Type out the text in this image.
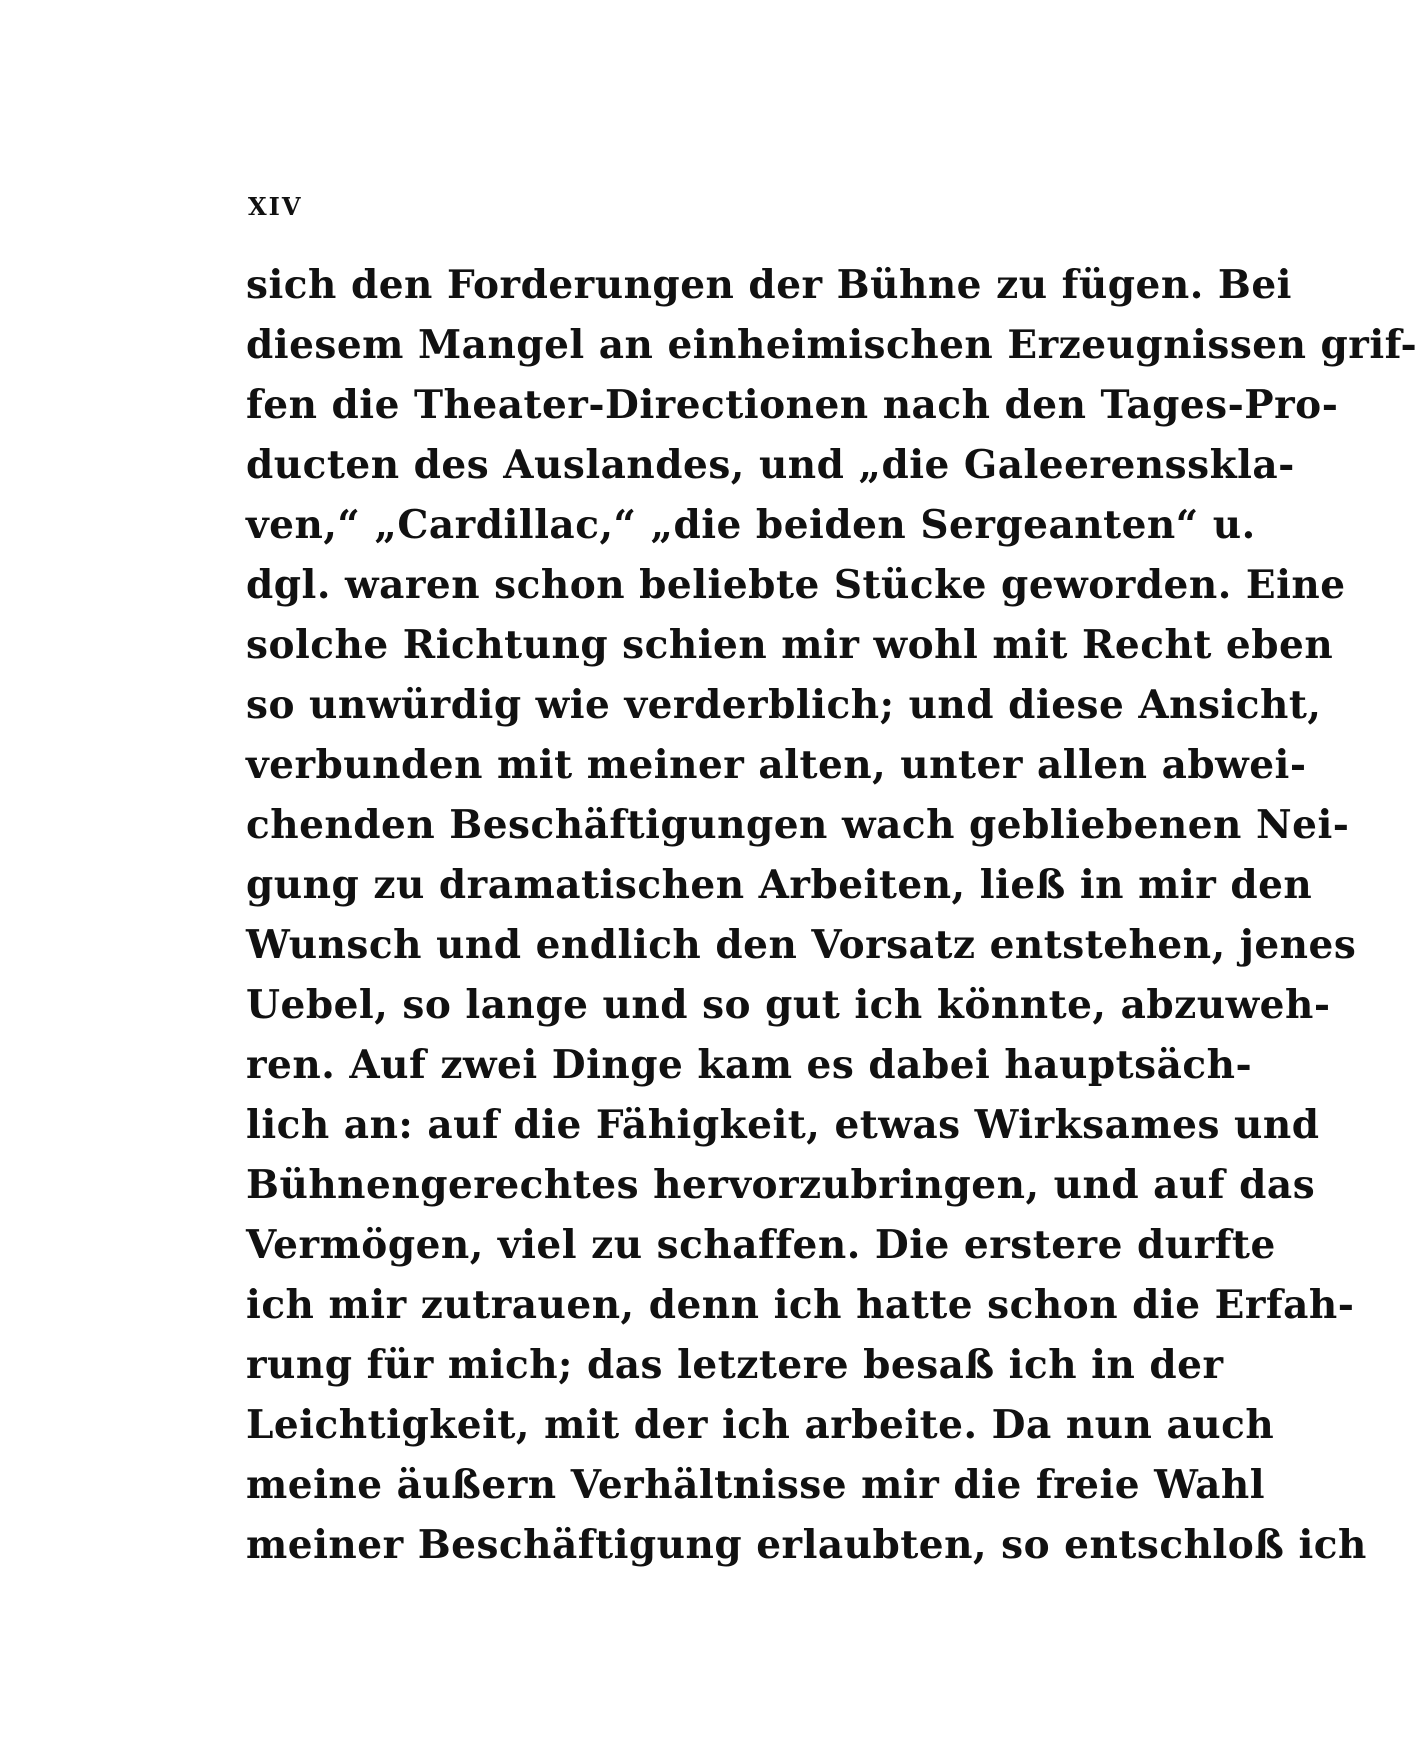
XIV
sich den Forderungen der Bühne zu fügen. Bei
diesem Mangel an einheimischen Erzeugnissen grif-
fen die Theater-Directionen nach den Tages-Pro-
ducten des Auslandes, und „die Galeerensskla-
ven,“ „Cardillac,“ „die beiden Sergeanten“ u.
dgl. waren schon beliebte Stücke geworden. Eine
solche Richtung schien mir wohl mit Recht eben
so unwürdig wie verderblich; und diese Ansicht,
verbunden mit meiner alten, unter allen abwei-
chenden Beschäftigungen wach gebliebenen Nei-
gung zu dramatischen Arbeiten, ließ in mir den
Wunsch und endlich den Vorsatz entstehen, jenes
Uebel, so lange und so gut ich könnte, abzuweh-
ren. Auf zwei Dinge kam es dabei hauptsäch-
lich an: auf die Fähigkeit, etwas Wirksames und
Bühnengerechtes hervorzubringen, und auf das
Vermögen, viel zu schaffen. Die erstere durfte
ich mir zutrauen, denn ich hatte schon die Erfah-
rung für mich; das letztere besaß ich in der
Leichtigkeit, mit der ich arbeite. Da nun auch
meine äußern Verhältnisse mir die freie Wahl
meiner Beschäftigung erlaubten, so entschloß ich
